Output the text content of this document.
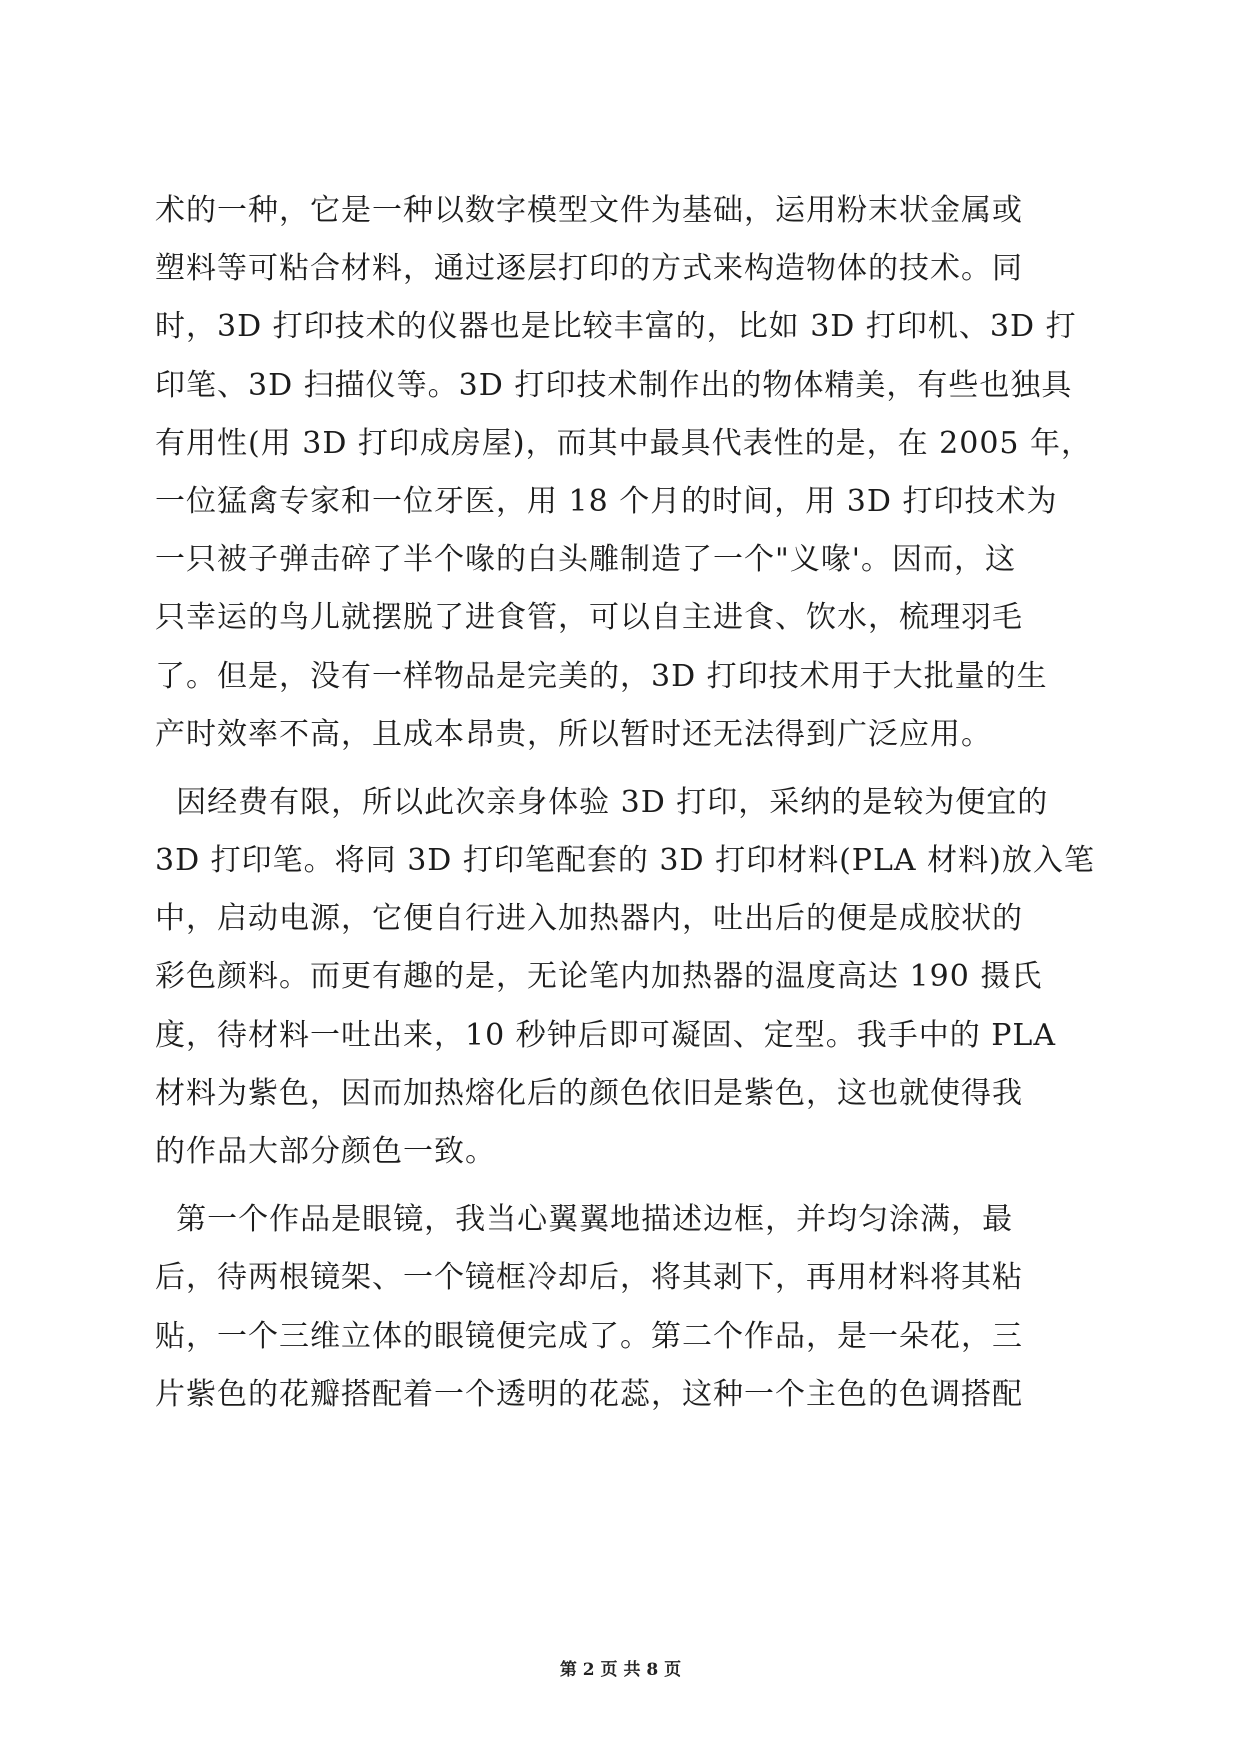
术的一种，它是一种以数字模型文件为基础，运用粉末状金属或
塑料等可粘合材料，通过逐层打印的方式来构造物体的技术。同
时，3D 打印技术的仪器也是比较丰富的，比如 3D 打印机、3D 打
印笔、3D 扫描仪等。3D 打印技术制作出的物体精美，有些也独具
有用性(用 3D 打印成房屋)，而其中最具代表性的是，在 2005 年，
一位猛禽专家和一位牙医，用 18 个月的时间，用 3D 打印技术为
一只被子弹击碎了半个喙的白头雕制造了一个"义喙'。因而，这
只幸运的鸟儿就摆脱了进食管，可以自主进食、饮水，梳理羽毛
了。但是，没有一样物品是完美的，3D 打印技术用于大批量的生
产时效率不高，且成本昂贵，所以暂时还无法得到广泛应用。
因经费有限，所以此次亲身体验 3D 打印，采纳的是较为便宜的
3D 打印笔。将同 3D 打印笔配套的 3D 打印材料(PLA 材料)放入笔
中，启动电源，它便自行进入加热器内，吐出后的便是成胶状的
彩色颜料。而更有趣的是，无论笔内加热器的温度高达 190 摄氏
度，待材料一吐出来，10 秒钟后即可凝固、定型。我手中的 PLA
材料为紫色，因而加热熔化后的颜色依旧是紫色，这也就使得我
的作品大部分颜色一致。
第一个作品是眼镜，我当心翼翼地描述边框，并均匀涂满，最
后，待两根镜架、一个镜框冷却后，将其剥下，再用材料将其粘
贴，一个三维立体的眼镜便完成了。第二个作品，是一朵花，三
片紫色的花瓣搭配着一个透明的花蕊，这种一个主色的色调搭配
第 2 页 共 8 页
